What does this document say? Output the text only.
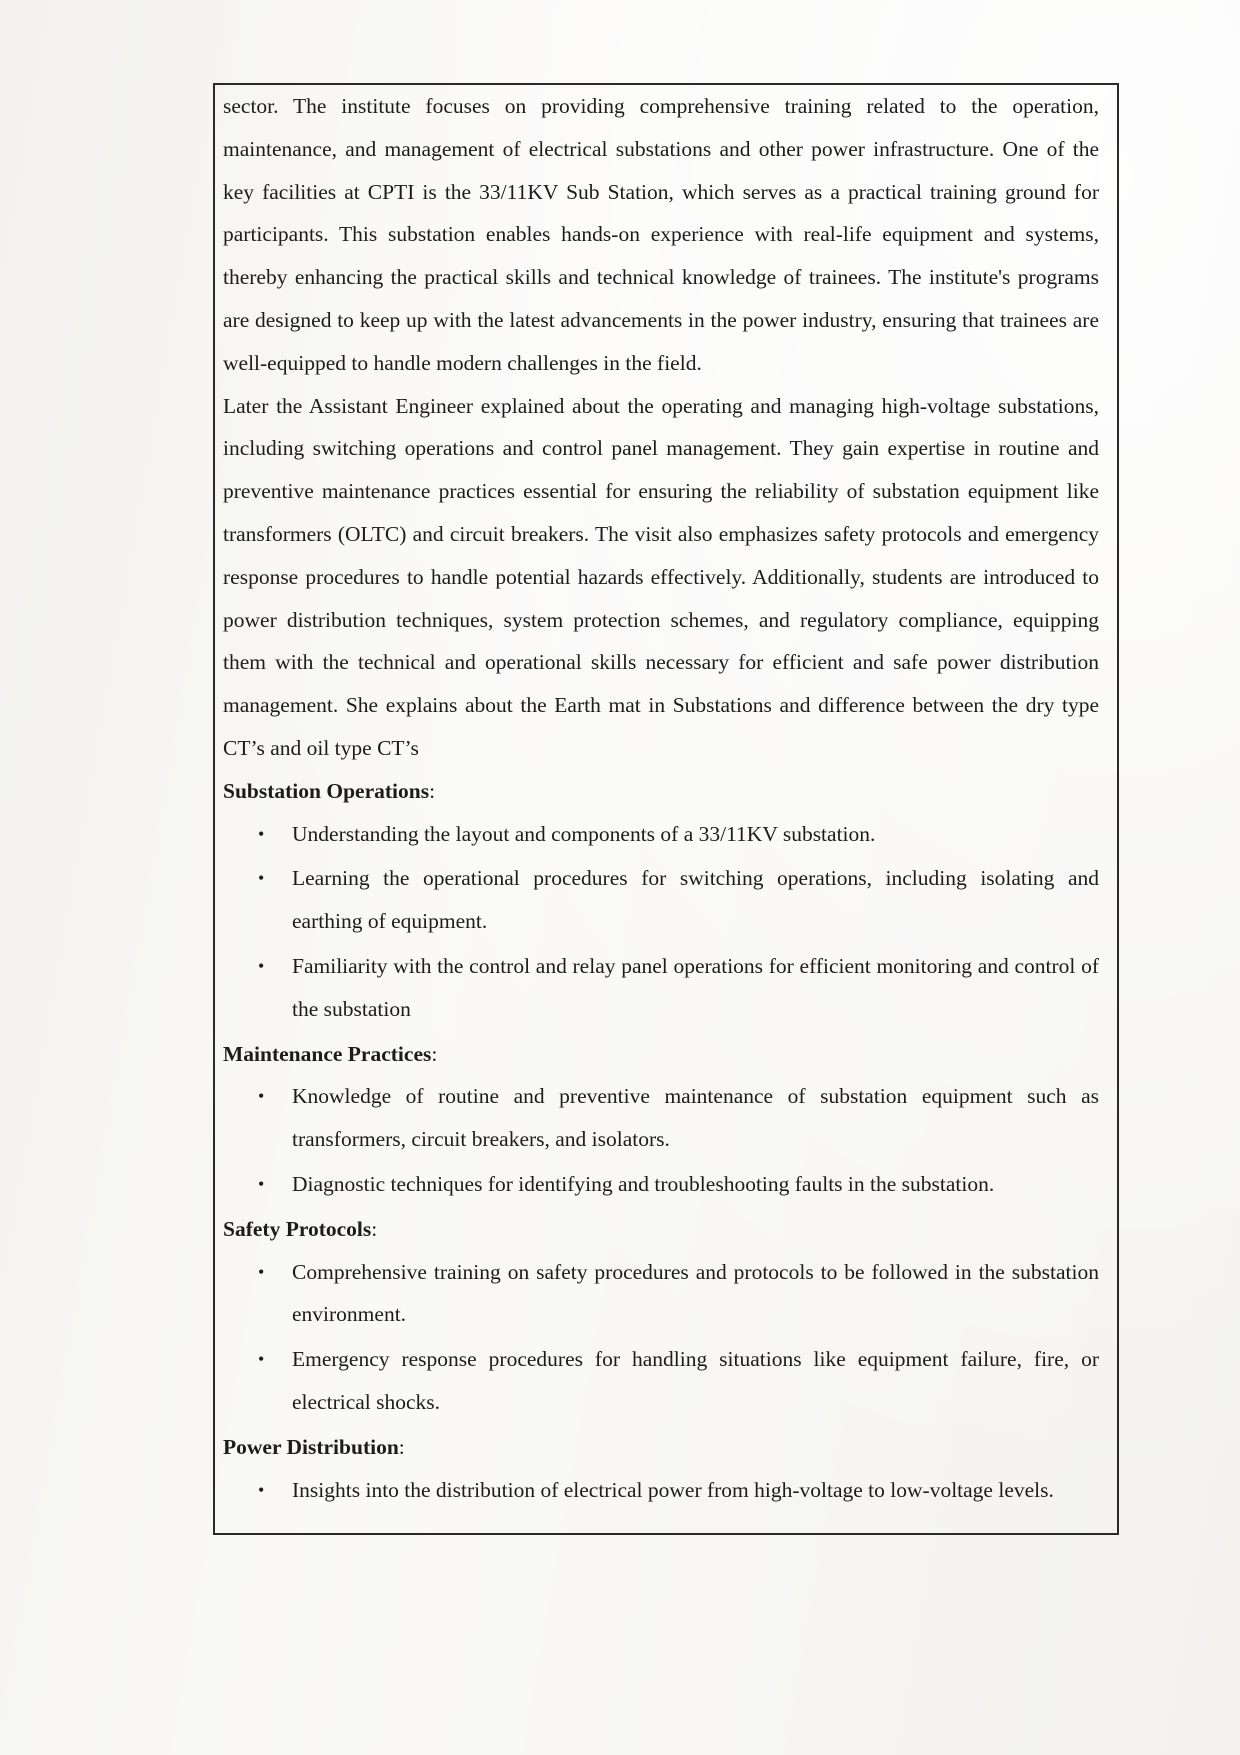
sector. The institute focuses on providing comprehensive training related to the operation, maintenance, and management of electrical substations and other power infrastructure. One of the key facilities at CPTI is the 33/11KV Sub Station, which serves as a practical training ground for participants. This substation enables hands-on experience with real-life equipment and systems, thereby enhancing the practical skills and technical knowledge of trainees. The institute's programs are designed to keep up with the latest advancements in the power industry, ensuring that trainees are well-equipped to handle modern challenges in the field.

Later the Assistant Engineer explained about the operating and managing high-voltage substations, including switching operations and control panel management. They gain expertise in routine and preventive maintenance practices essential for ensuring the reliability of substation equipment like transformers (OLTC) and circuit breakers. The visit also emphasizes safety protocols and emergency response procedures to handle potential hazards effectively. Additionally, students are introduced to power distribution techniques, system protection schemes, and regulatory compliance, equipping them with the technical and operational skills necessary for efficient and safe power distribution management. She explains about the Earth mat in Substations and difference between the dry type CT’s and oil type CT’s

Substation Operations:

• Understanding the layout and components of a 33/11KV substation.
• Learning the operational procedures for switching operations, including isolating and earthing of equipment.
• Familiarity with the control and relay panel operations for efficient monitoring and control of the substation

Maintenance Practices:

• Knowledge of routine and preventive maintenance of substation equipment such as transformers, circuit breakers, and isolators.
• Diagnostic techniques for identifying and troubleshooting faults in the substation.

Safety Protocols:

• Comprehensive training on safety procedures and protocols to be followed in the substation environment.
• Emergency response procedures for handling situations like equipment failure, fire, or electrical shocks.

Power Distribution:

• Insights into the distribution of electrical power from high-voltage to low-voltage levels.
